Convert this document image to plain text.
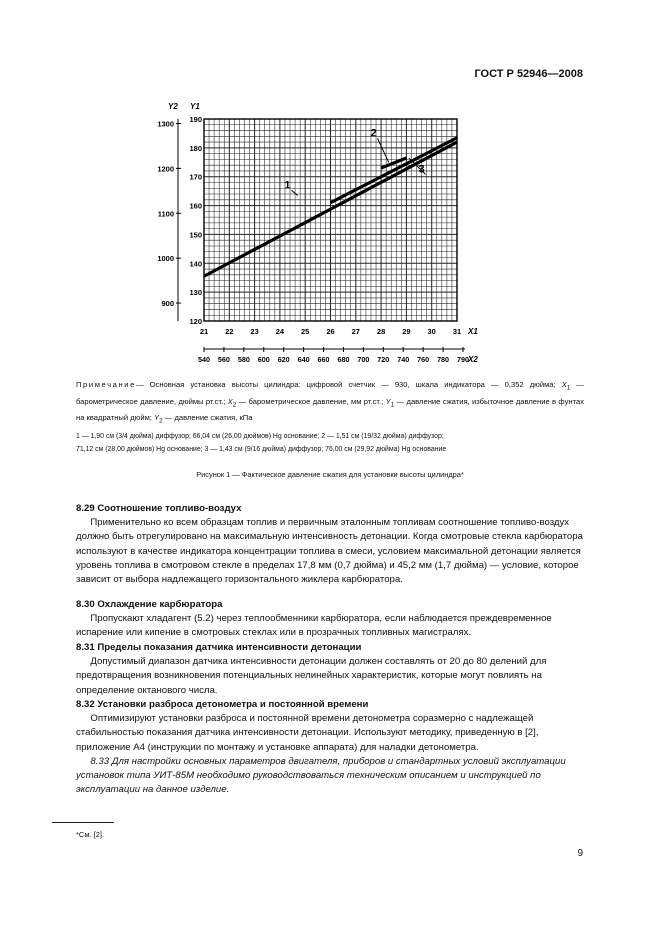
ГОСТ Р 52946—2008
120
130
140
150
160
170
180
190
900
1000
1100
1200
1300
Y2 Y1
21 22 23 24 25 26 27 28 29 30 31 X1
540 560 580 600 620 640 660 680 700 720 740 760 780 790 X2
1
2
3

Примечание— Основная установка высоты цилиндра: цифровой счетчик — 930, шкала индикатора — 0,352 дюйма; $X_1$ — барометрическое давление, дюймы рт.ст.; $X_2$ — барометрическое давление, мм рт.ст.; $Y_1$ — давление сжатия, избыточное давление в фунтах на квадратный дюйм; $Y_2$ — давление сжатия, кПа

1 — 1,90 см (3/4 дюйма) диффузор; 66,04 см (26,00 дюймов) Hg основание; 2 — 1,51 см (19/32 дюйма) диффузор;
71,12 см (28,00 дюймов) Hg основание; 3 — 1,43 см (9/16 дюйма) диффузор; 76,00 см (29,92 дюйма) Hg основание

Рисунок 1 — Фактическое давление сжатия для установки высоты цилиндра*

8.29 Соотношение топливо-воздух
  Применительно ко всем образцам топлив и первичным эталонным топливам соотношение топливо-воздух должно быть отрегулировано на максимальную интенсивность детонации. Когда смотровые стекла карбюратора используют в качестве индикатора концентрации топлива в смеси, условием максимальной детонации является уровень топлива в смотровом стекле в пределах 17,8 мм (0,7 дюйма) и 45,2 мм (1,7 дюйма) — условие, которое зависит от выбора надлежащего горизонтального жиклера карбюратора.

8.30 Охлаждение карбюратора
  Пропускают хладагент (5.2) через теплообменники карбюратора, если наблюдается преждевременное испарение или кипение в смотровых стеклах или в прозрачных топливных магистралях.

8.31 Пределы показания датчика интенсивности детонации
  Допустимый диапазон датчика интенсивности детонации должен составлять от 20 до 80 делений для предотвращения возникновения потенциальных нелинейных характеристик, которые могут повлиять на определение октанового числа.

8.32 Установки разброса детонометра и постоянной времени
  Оптимизируют установки разброса и постоянной времени детонометра соразмерно с надлежащей стабильностью показания датчика интенсивности детонации. Используют методику, приведенную в [2], приложение А4 (инструкции по монтажу и установке аппарата) для наладки детонометра.

  8.33 Для настройки основных параметров двигателя, приборов и стандартных условий эксплуатации установок типа УИТ-85М необходимо руководствоваться техническим описанием и инструкцией по эксплуатации на данное изделие.

*См. [2].
9
